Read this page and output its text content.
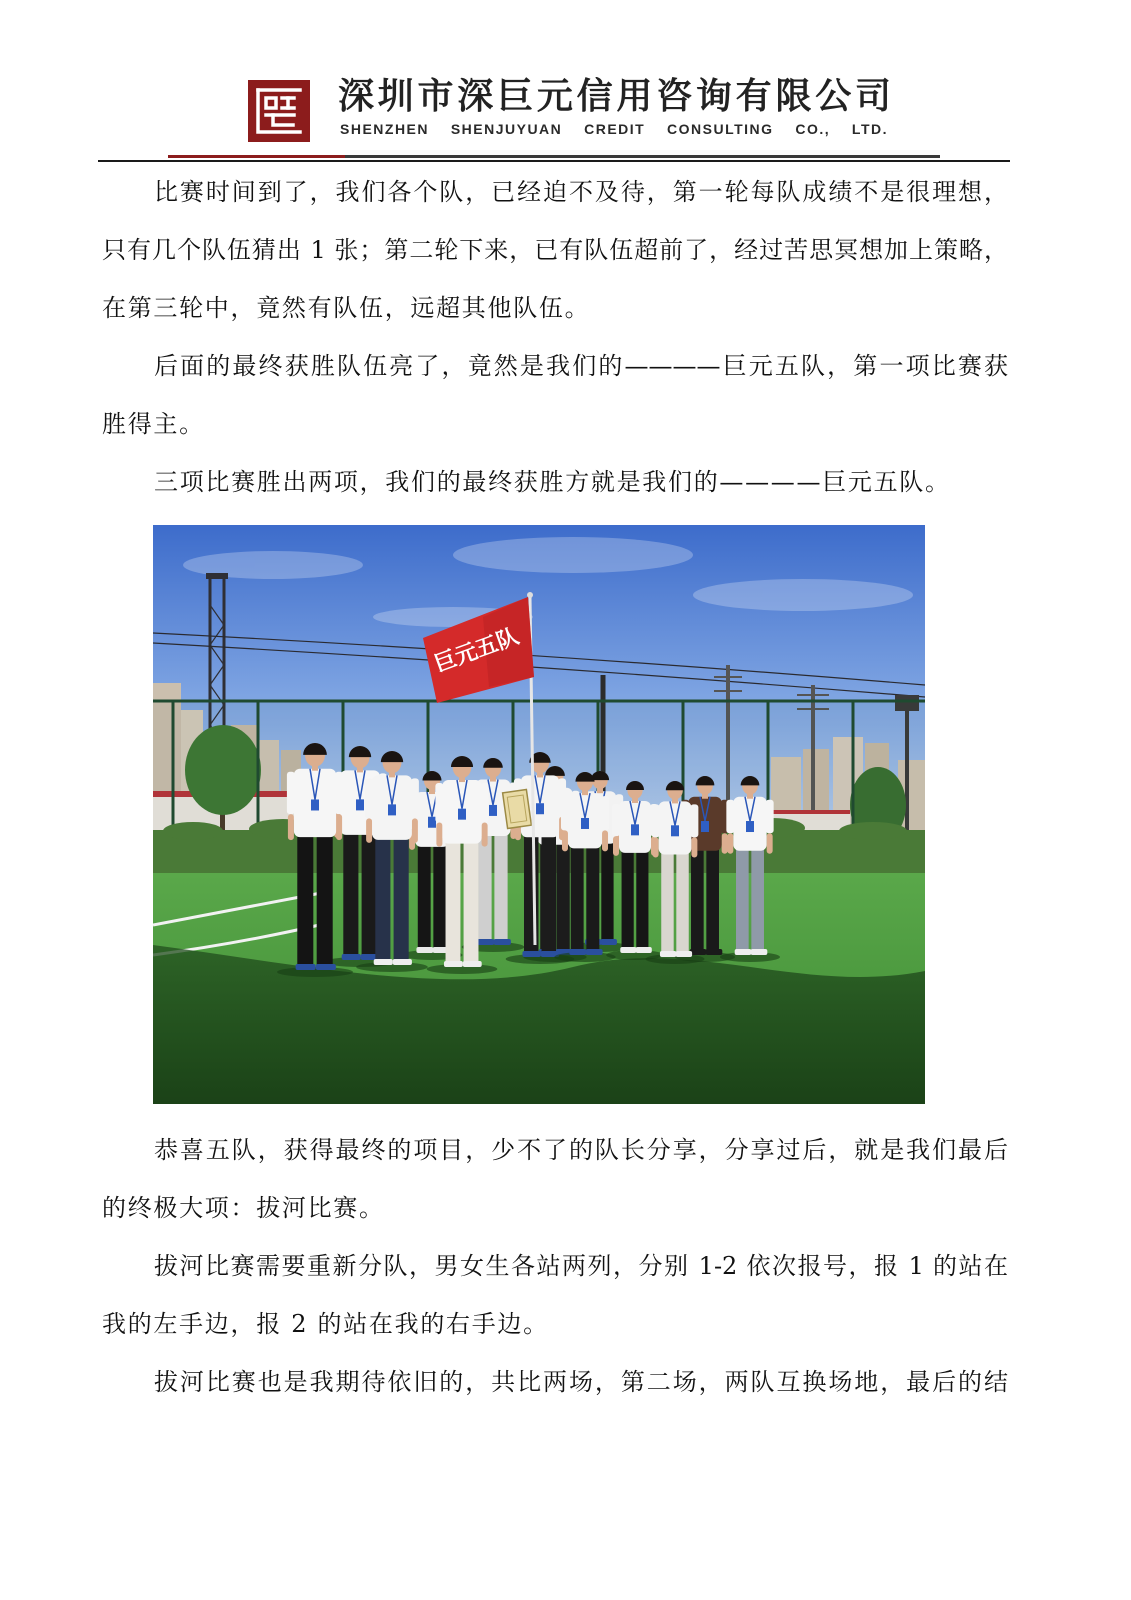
深圳市深巨元信用咨询有限公司
SHENZHEN SHENJUYUAN CREDIT CONSULTING CO., LTD.

比赛时间到了，我们各个队，已经迫不及待，第一轮每队成绩不是很理想，
只有几个队伍猜出 1 张；第二轮下来，已有队伍超前了，经过苦思冥想加上策略，
在第三轮中，竟然有队伍，远超其他队伍。

后面的最终获胜队伍亮了，竟然是我们的————巨元五队，第一项比赛获
胜得主。

三项比赛胜出两项，我们的最终获胜方就是我们的————巨元五队。

巨元五队

恭喜五队，获得最终的项目，少不了的队长分享，分享过后，就是我们最后
的终极大项：拔河比赛。

拔河比赛需要重新分队，男女生各站两列，分别 1-2 依次报号，报 1 的站在
我的左手边，报 2 的站在我的右手边。

拔河比赛也是我期待依旧的，共比两场，第二场，两队互换场地，最后的结
